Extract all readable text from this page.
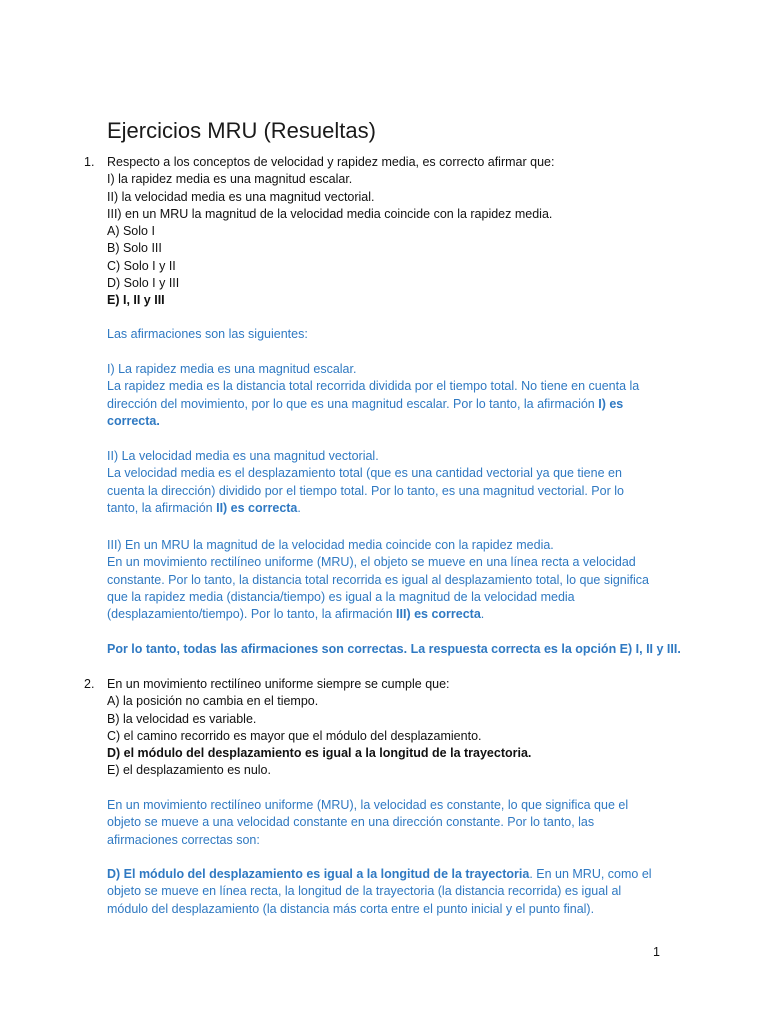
Ejercicios MRU (Resueltas)
1. Respecto a los conceptos de velocidad y rapidez media, es correcto afirmar que:
I) la rapidez media es una magnitud escalar.
II) la velocidad media es una magnitud vectorial.
III) en un MRU la magnitud de la velocidad media coincide con la rapidez media.
A) Solo I
B) Solo III
C) Solo I y II
D) Solo I y III
E) I, II y III
Las afirmaciones son las siguientes:
I) La rapidez media es una magnitud escalar.
La rapidez media es la distancia total recorrida dividida por el tiempo total. No tiene en cuenta la
dirección del movimiento, por lo que es una magnitud escalar. Por lo tanto, la afirmación I) es
correcta.
II) La velocidad media es una magnitud vectorial.
La velocidad media es el desplazamiento total (que es una cantidad vectorial ya que tiene en
cuenta la dirección) dividido por el tiempo total. Por lo tanto, es una magnitud vectorial. Por lo
tanto, la afirmación II) es correcta.
III) En un MRU la magnitud de la velocidad media coincide con la rapidez media.
En un movimiento rectilíneo uniforme (MRU), el objeto se mueve en una línea recta a velocidad
constante. Por lo tanto, la distancia total recorrida es igual al desplazamiento total, lo que significa
que la rapidez media (distancia/tiempo) es igual a la magnitud de la velocidad media
(desplazamiento/tiempo). Por lo tanto, la afirmación III) es correcta.
Por lo tanto, todas las afirmaciones son correctas. La respuesta correcta es la opción E) I, II y III.
2. En un movimiento rectilíneo uniforme siempre se cumple que:
A) la posición no cambia en el tiempo.
B) la velocidad es variable.
C) el camino recorrido es mayor que el módulo del desplazamiento.
D) el módulo del desplazamiento es igual a la longitud de la trayectoria.
E) el desplazamiento es nulo.
En un movimiento rectilíneo uniforme (MRU), la velocidad es constante, lo que significa que el
objeto se mueve a una velocidad constante en una dirección constante. Por lo tanto, las
afirmaciones correctas son:
D) El módulo del desplazamiento es igual a la longitud de la trayectoria. En un MRU, como el
objeto se mueve en línea recta, la longitud de la trayectoria (la distancia recorrida) es igual al
módulo del desplazamiento (la distancia más corta entre el punto inicial y el punto final).
1
